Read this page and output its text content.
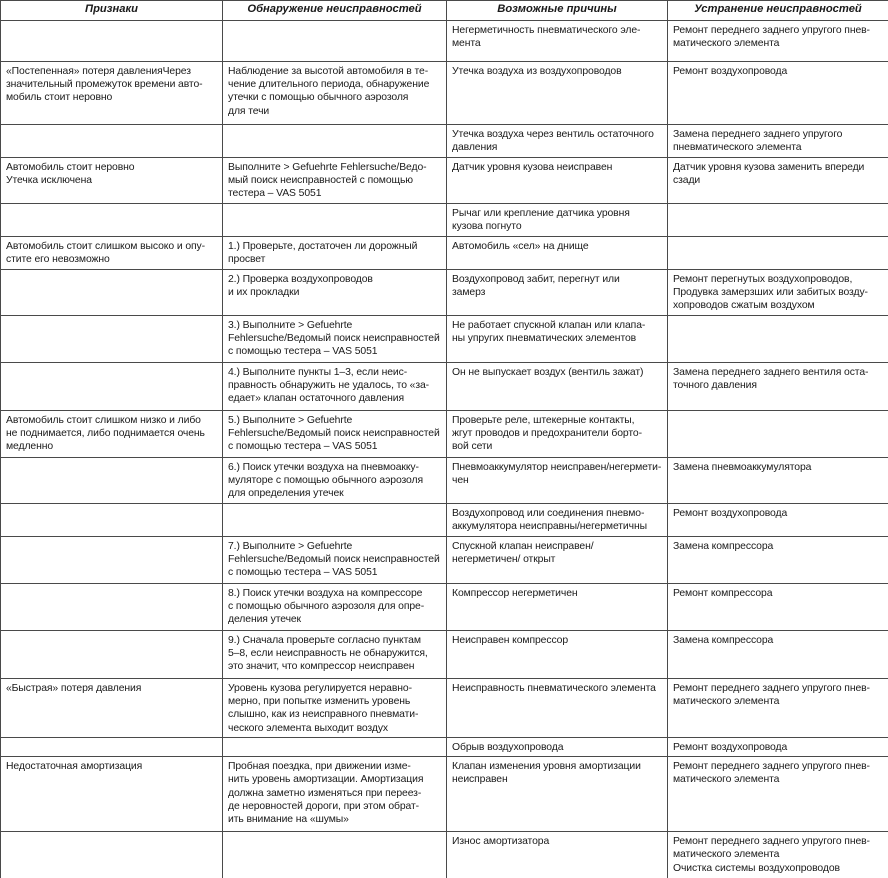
Признаки	Обнаружение неисправностей	Возможные причины	Устранение неисправностей

		Негерметичность пневматического эле-
мента	Ремонт переднего заднего упругого пнев-
матического элемента

«Постепенная» потеря давленияЧерез
значительный промежуток времени авто-
мобиль стоит неровно	Наблюдение за высотой автомобиля в те-
чение длительного периода, обнаружение
утечки с помощью обычного аэрозоля
для течи	Утечка воздуха из воздухопроводов	Ремонт воздухопровода

		Утечка воздуха через вентиль остаточного
давления	Замена переднего заднего упругого
пневматического элемента

Автомобиль стоит неровно
Утечка исключена	Выполните > Gefuehrte Fehlersuche/Ведо-
мый поиск неисправностей с помощью
тестера – VAS 5051	Датчик уровня кузова неисправен	Датчик уровня кузова заменить впереди
сзади

		Рычаг или крепление датчика уровня
кузова погнуто	

Автомобиль стоит слишком высоко и опу-
стите его невозможно	1.) Проверьте, достаточен ли дорожный
просвет	Автомобиль «сел» на днище	

	2.) Проверка воздухопроводов
и их прокладки	Воздухопровод забит, перегнут или
замерз	Ремонт перегнутых воздухопроводов,
Продувка замерзших или забитых возду-
хопроводов сжатым воздухом

	3.) Выполните > Gefuehrte
Fehlersuche/Ведомый поиск неисправностей
с помощью тестера – VAS 5051	Не работает спускной клапан или клапа-
ны упругих пневматических элементов	

	4.) Выполните пункты 1–3, если неис-
правность обнаружить не удалось, то «за-
едает» клапан остаточного давления	Он не выпускает воздух (вентиль зажат)	Замена переднего заднего вентиля оста-
точного давления

Автомобиль стоит слишком низко и либо
не поднимается, либо поднимается очень
медленно	5.) Выполните > Gefuehrte
Fehlersuche/Ведомый поиск неисправностей
с помощью тестера – VAS 5051	Проверьте реле, штекерные контакты,
жгут проводов и предохранители борто-
вой сети	

	6.) Поиск утечки воздуха на пневмоакку-
муляторе с помощью обычного аэрозоля
для определения утечек	Пневмоаккумулятор неисправен/негермети-
чен	Замена пневмоаккумулятора

		Воздухопровод или соединения пневмо-
аккумулятора неисправны/негерметичны	Ремонт воздухопровода

	7.) Выполните > Gefuehrte
Fehlersuche/Ведомый поиск неисправностей
с помощью тестера – VAS 5051	Спускной клапан неисправен/
негерметичен/ открыт	Замена компрессора

	8.) Поиск утечки воздуха на компрессоре
с помощью обычного аэрозоля для опре-
деления утечек	Компрессор негерметичен	Ремонт компрессора

	9.) Сначала проверьте согласно пунктам
5–8, если неисправность не обнаружится,
это значит, что компрессор неисправен	Неисправен компрессор	Замена компрессора

«Быстрая» потеря давления	Уровень кузова регулируется неравно-
мерно, при попытке изменить уровень
слышно, как из неисправного пневмати-
ческого элемента выходит воздух	Неисправность пневматического элемента	Ремонт переднего заднего упругого пнев-
матического элемента

		Обрыв воздухопровода	Ремонт воздухопровода

Недостаточная амортизация	Пробная поездка, при движении изме-
нить уровень амортизации. Амортизация
должна заметно изменяться при переез-
де неровностей дороги, при этом обрат-
ить внимание на «шумы»	Клапан изменения уровня амортизации
неисправен	Ремонт переднего заднего упругого пнев-
матического элемента

		Износ амортизатора	Ремонт переднего заднего упругого пнев-
матического элемента
Очистка системы воздухопроводов
